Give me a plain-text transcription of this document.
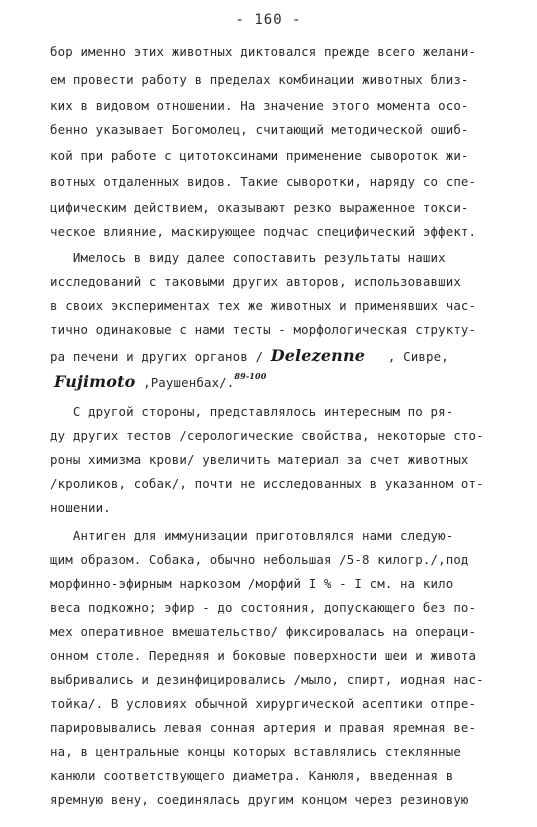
- 160 -
бор именно этих животных диктовался прежде всего желани-
ем провести работу в пределах комбинации животных близ-
ких в видовом отношении. На значение этого момента осо-
бенно указывает Богомолец, считающий методической ошиб-
кой при работе с цитотоксинами применение сывороток жи-
вотных отдаленных видов. Такие сыворотки, наряду со спе-
цифическим действием, оказывают резко выраженное токси-
ческое влияние, маскирующее подчас специфический эффект.
Имелось в виду далее сопоставить результаты наших
исследований с таковыми других авторов, использовавших
в своих экспериментах тех же животных и применявших час-
тично одинаковые с нами тесты - морфологическая структу-
ра печени и других органов / Delezenne , Сивре,
Fujimoto ,Раушенбах/.$^{89-100}$
С другой стороны, представлялось интересным по ря-
ду других тестов /серологические свойства, некоторые сто-
роны химизма крови/ увеличить материал за счет животных
/кроликов, собак/, почти не исследованных в указанном от-
ношении.
Антиген для иммунизации приготовлялся нами следую-
щим образом. Собака, обычно небольшая /5-8 килогр./,под
морфинно-эфирным наркозом /морфий I % - I см. на кило
веса подкожно; эфир - до состояния, допускающего без по-
мех оперативное вмешательство/ фиксировалась на операци-
онном столе. Передняя и боковые поверхности шеи и живота
выбривались и дезинфицировались /мыло, спирт, иодная нас-
тойка/. В условиях обычной хирургической асептики отпре-
парировывались левая сонная артерия и правая яремная ве-
на, в центральные концы которых вставлялись стеклянные
канюли соответствующего диаметра. Канюля, введенная в
яремную вену, соединялась другим концом через резиновую
